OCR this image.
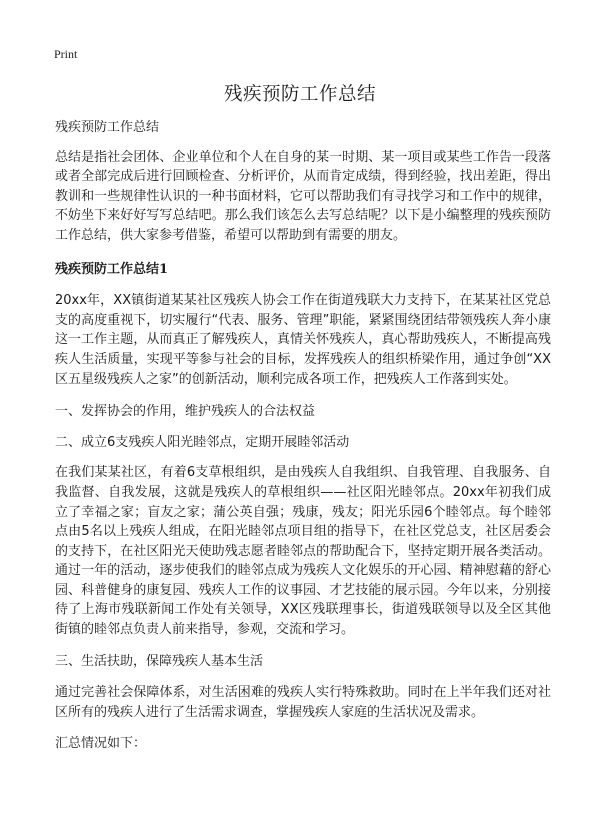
Print
残疾预防工作总结

残疾预防工作总结

总结是指社会团体、企业单位和个人在自身的某一时期、某一项目或某些工作告一段落或者全部完成后进行回顾检查、分析评价，从而肯定成绩，得到经验，找出差距，得出教训和一些规律性认识的一种书面材料，它可以帮助我们有寻找学习和工作中的规律，不妨坐下来好好写写总结吧。那么我们该怎么去写总结呢？以下是小编整理的残疾预防工作总结，供大家参考借鉴，希望可以帮助到有需要的朋友。

残疾预防工作总结1

20xx年，XX镇街道某某社区残疾人协会工作在街道残联大力支持下，在某某社区党总支的高度重视下，切实履行“代表、服务、管理”职能，紧紧围绕团结带领残疾人奔小康这一工作主题，从而真正了解残疾人，真情关怀残疾人，真心帮助残疾人，不断提高残疾人生活质量，实现平等参与社会的目标，发挥残疾人的组织桥梁作用，通过争创“XX区五星级残疾人之家”的创新活动，顺利完成各项工作，把残疾人工作落到实处。

一、发挥协会的作用，维护残疾人的合法权益

二、成立6支残疾人阳光睦邻点，定期开展睦邻活动

在我们某某社区，有着6支草根组织，是由残疾人自我组织、自我管理、自我服务、自我监督、自我发展，这就是残疾人的草根组织——社区阳光睦邻点。20xx年初我们成立了幸福之家；盲友之家；蒲公英自强；残康，残友；阳光乐园6个睦邻点。每个睦邻点由5名以上残疾人组成，在阳光睦邻点项目组的指导下，在社区党总支，社区居委会的支持下，在社区阳光天使助残志愿者睦邻点的帮助配合下，坚持定期开展各类活动。通过一年的活动，逐步使我们的睦邻点成为残疾人文化娱乐的开心园、精神慰藉的舒心园、科普健身的康复园、残疾人工作的议事园、才艺技能的展示园。今年以来，分别接待了上海市残联新闻工作处有关领导，XX区残联理事长，街道残联领导以及全区其他街镇的睦邻点负责人前来指导，参观，交流和学习。

三、生活扶助，保障残疾人基本生活

通过完善社会保障体系，对生活困难的残疾人实行特殊救助。同时在上半年我们还对社区所有的残疾人进行了生活需求调查，掌握残疾人家庭的生活状况及需求。

汇总情况如下：
